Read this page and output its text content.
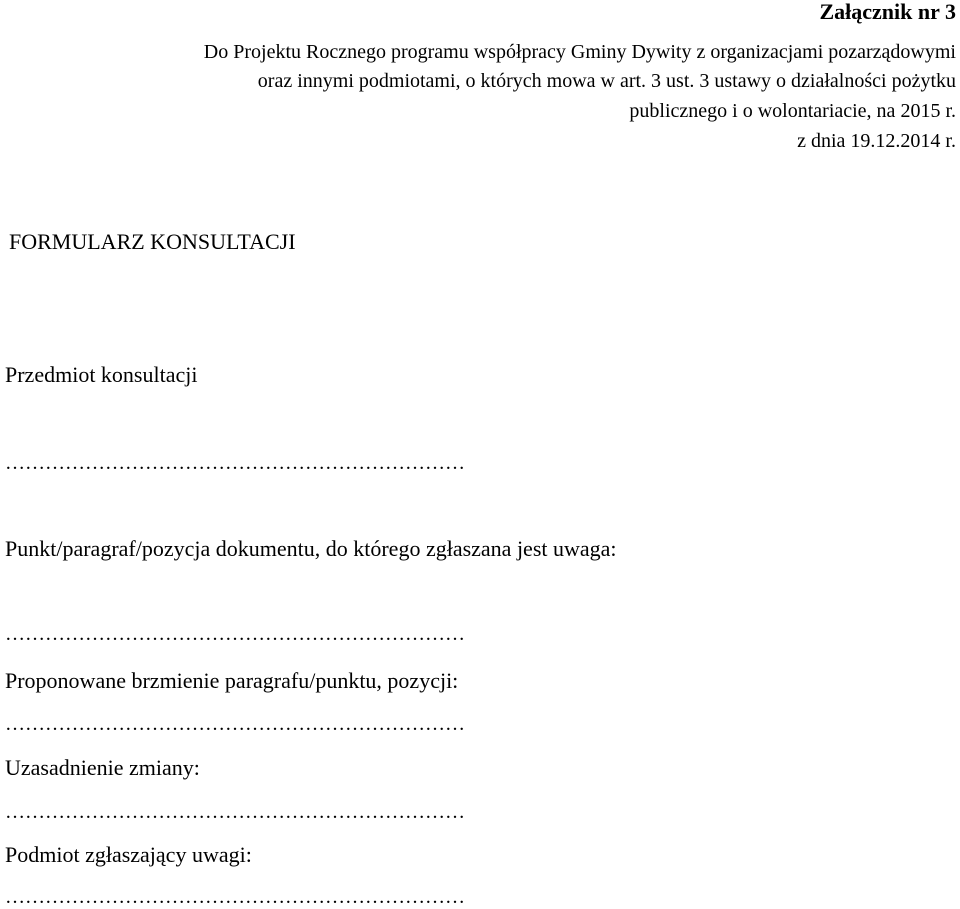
Załącznik nr 3
Do Projektu Rocznego programu współpracy Gminy Dywity z organizacjami pozarządowymi
oraz innymi podmiotami, o których mowa w art. 3 ust. 3 ustawy o działalności pożytku
publicznego i o wolontariacie, na 2015 r.
z dnia 19.12.2014 r.
FORMULARZ KONSULTACJI
Przedmiot konsultacji
……………………………………………………………
Punkt/paragraf/pozycja dokumentu, do którego zgłaszana jest uwaga:
……………………………………………………………
Proponowane brzmienie paragrafu/punktu, pozycji:
……………………………………………………………
Uzasadnienie zmiany:
……………………………………………………………
Podmiot zgłaszający uwagi:
……………………………………………………………
